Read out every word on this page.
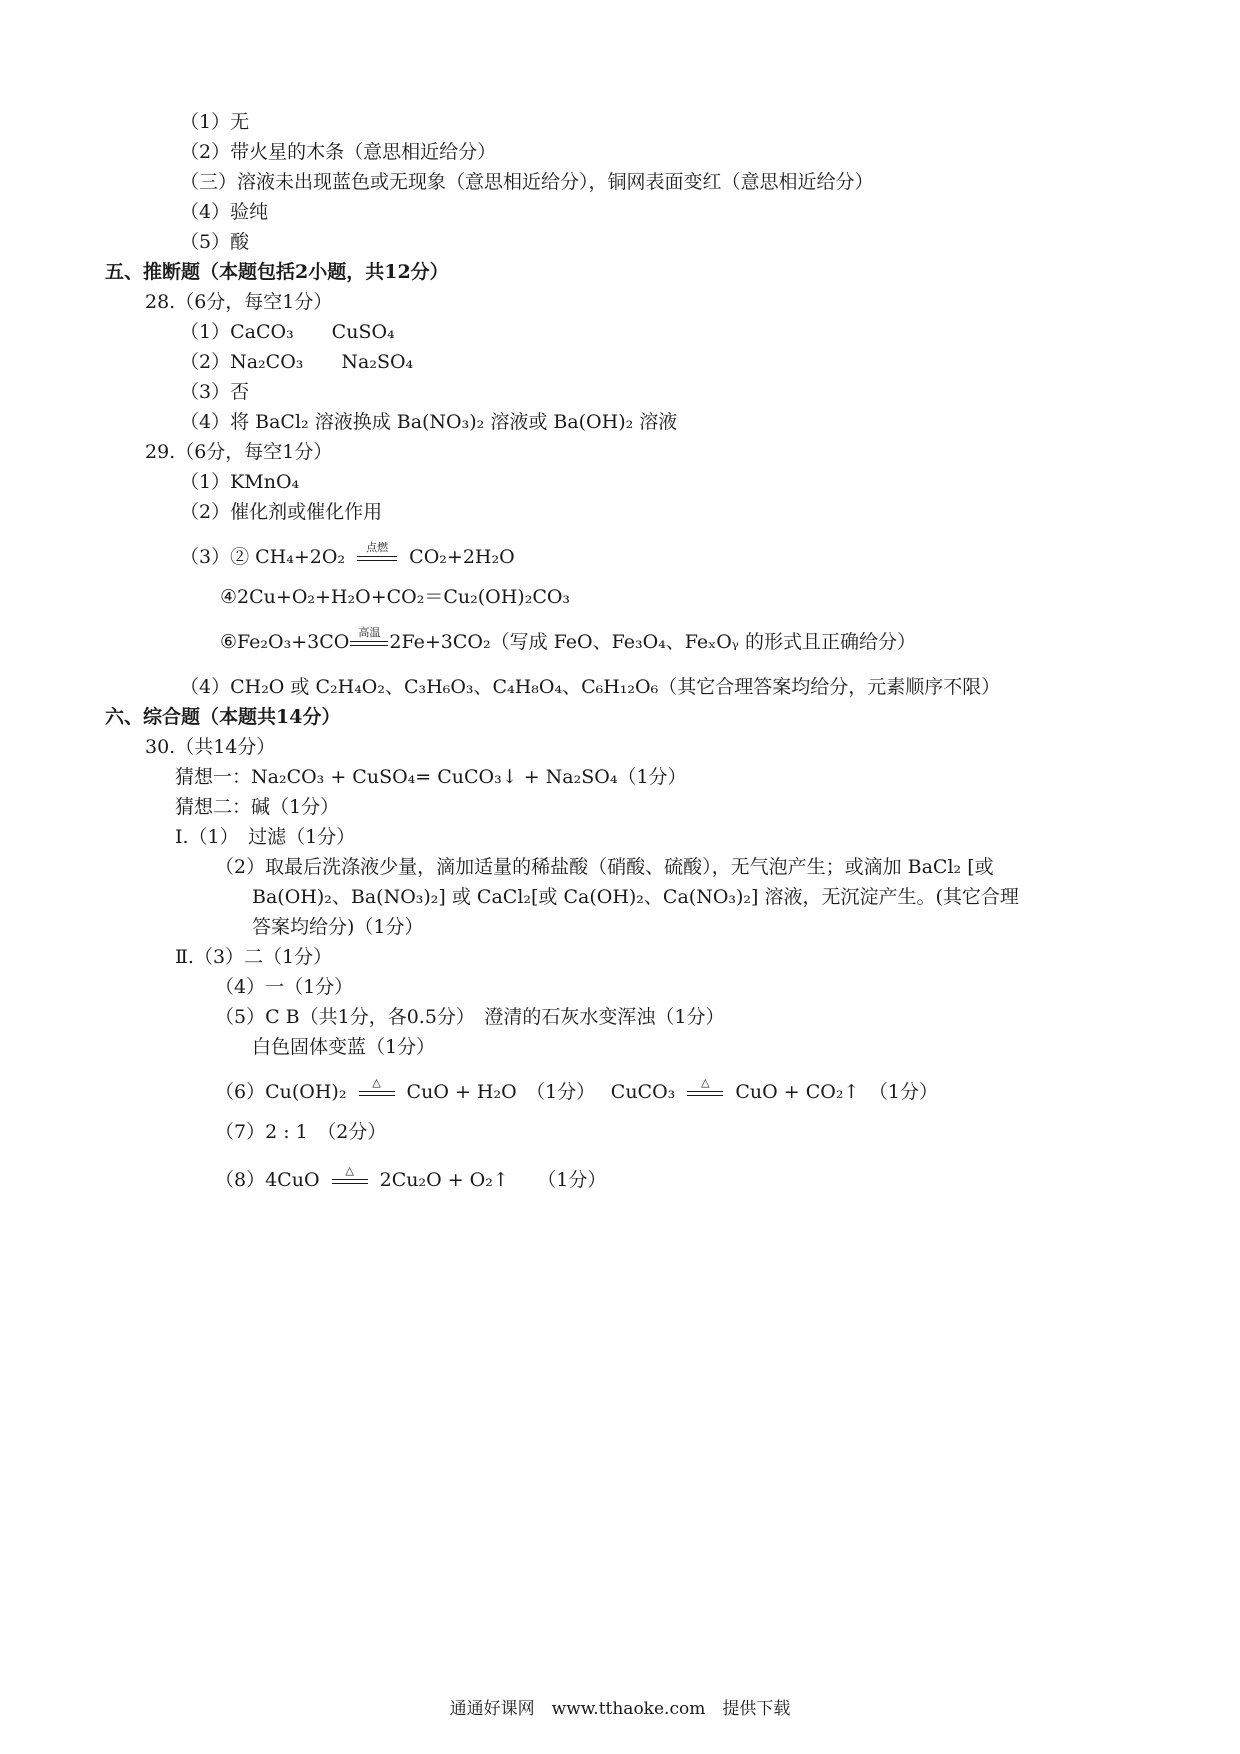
（1）无
（2）带火星的木条（意思相近给分）
（三）溶液未出现蓝色或无现象（意思相近给分），铜网表面变红（意思相近给分）
（4）验纯
（5）酸
五、推断题（本题包括2小题，共12分）
28.（6分，每空1分）
（1）CaCO₃　　CuSO₄
（2）Na₂CO₃　　Na₂SO₄
（3）否
（4）将 BaCl₂ 溶液换成 Ba(NO₃)₂ 溶液或 Ba(OH)₂ 溶液
29.（6分，每空1分）
（1）KMnO₄
（2）催化剂或催化作用
（3）② CH₄+2O₂	点燃	CO₂+2H₂O
④2Cu+O₂+H₂O+CO₂＝Cu₂(OH)₂CO₃
⑥Fe₂O₃+3CO 高温 2Fe+3CO₂（写成 FeO、Fe₃O₄、FeₓOᵧ 的形式且正确给分）
（4）CH₂O 或 C₂H₄O₂、C₃H₆O₃、C₄H₈O₄、C₆H₁₂O₆（其它合理答案均给分，元素顺序不限）
六、综合题（本题共14分）
30.（共14分）
猜想一：Na₂CO₃ + CuSO₄= CuCO₃↓ + Na₂SO₄（1分）
猜想二：碱（1分）
Ⅰ.（1）　过滤（1分）
（2）取最后洗涤液少量，滴加适量的稀盐酸（硝酸、硫酸），无气泡产生；或滴加 BaCl₂ [或
Ba(OH)₂、Ba(NO₃)₂] 或 CaCl₂[或 Ca(OH)₂、Ca(NO₃)₂] 溶液，无沉淀产生。(其它合理
答案均给分)（1分）
Ⅱ.（3）二（1分）
（4）一（1分）
（5）C B（共1分，各0.5分）　澄清的石灰水变浑浊（1分）
白色固体变蓝（1分）
（6）Cu(OH)₂	△	CuO + H₂O　（1分）　 CuCO₃	△	CuO + CO₂↑　（1分）
（7）2 : 1　（2分）
（8）4CuO	△	2Cu₂O + O₂↑　　（1分）
通通好课网　www.tthaoke.com　提供下载
